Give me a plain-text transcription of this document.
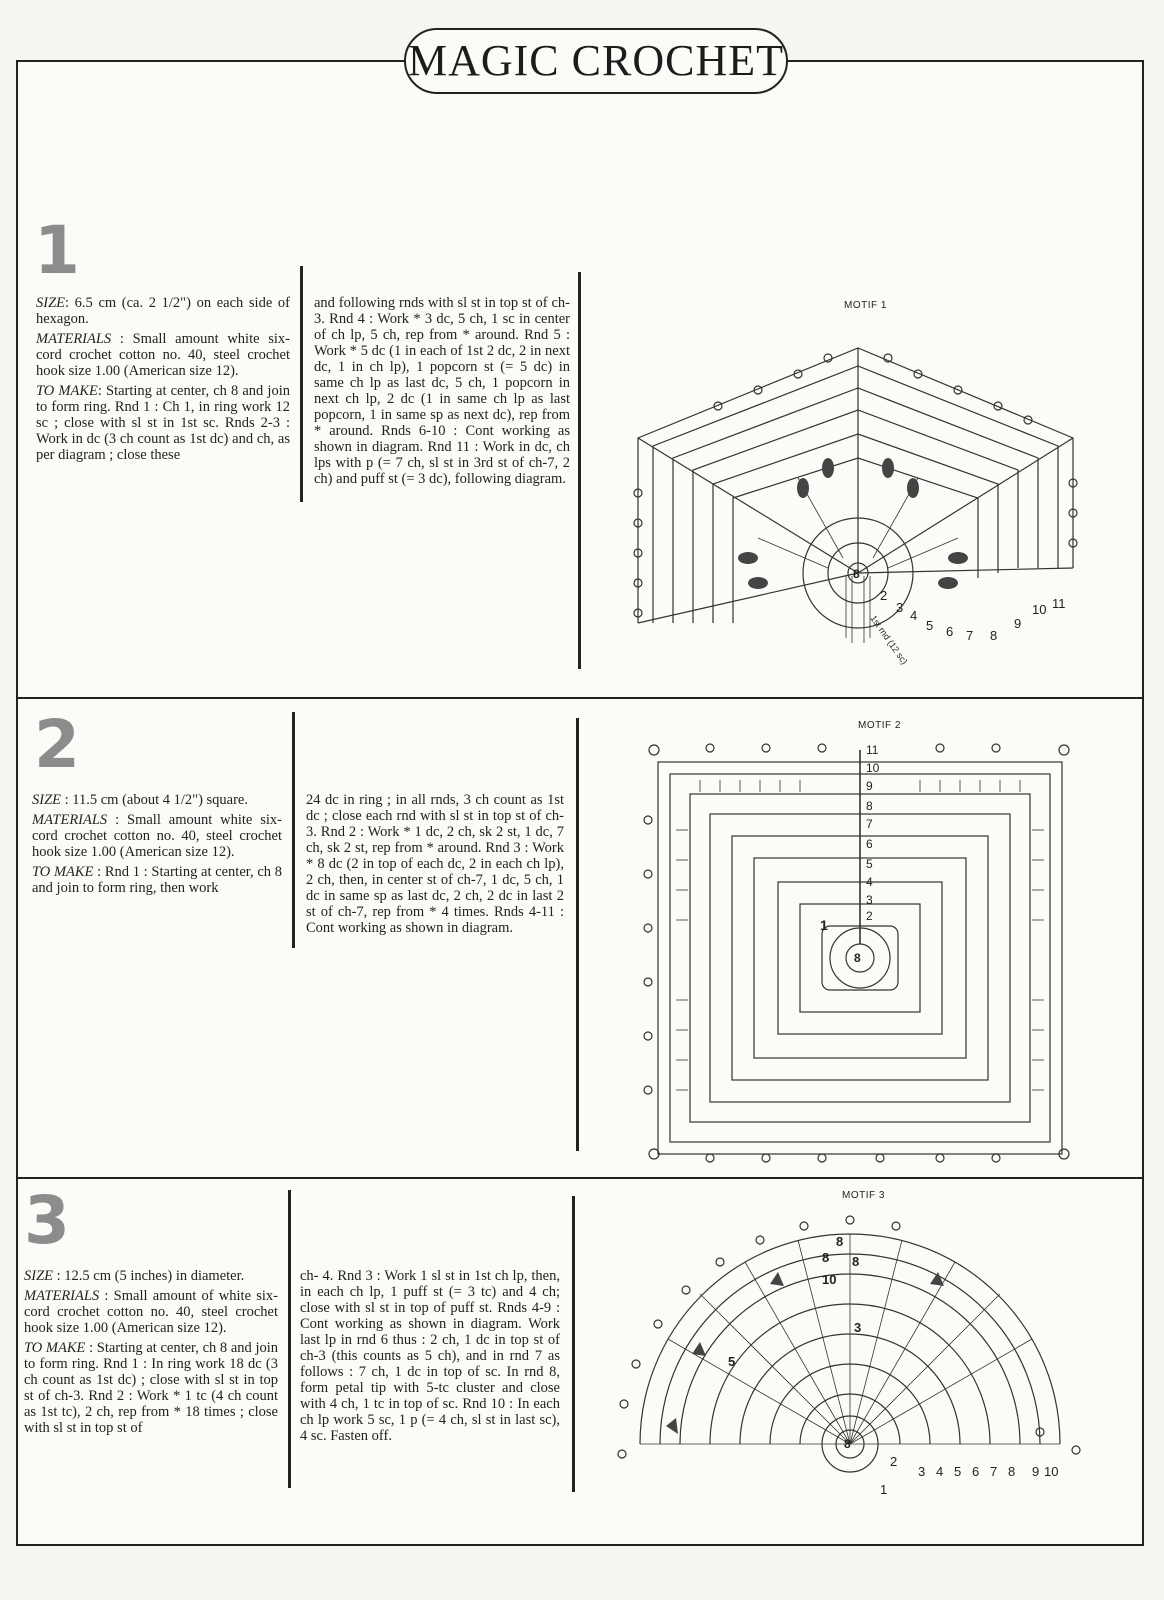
MAGIC CROCHET
1

SIZE: 6.5 cm (ca. 2 1/2") on each side of hexagon.

MATERIALS : Small amount white six-cord crochet cotton no. 40, steel crochet hook size 1.00 (American size 12).

TO MAKE: Starting at center, ch 8 and join to form ring. Rnd 1 : Ch 1, in ring work 12 sc ; close with sl st in 1st sc. Rnds 2-3 : Work in dc (3 ch count as 1st dc) and ch, as per diagram ; close these

and following rnds with sl st in top st of ch-3. Rnd 4 : Work * 3 dc, 5 ch, 1 sc in center of ch lp, 5 ch, rep from * around. Rnd 5 : Work * 5 dc (1 in each of 1st 2 dc, 2 in next dc, 1 in ch lp), 1 popcorn st (= 5 dc) in same ch lp as last dc, 5 ch, 1 popcorn in next ch lp, 2 dc (1 in same ch lp as last popcorn, 1 in same sp as next dc), rep from * around. Rnds 6-10 : Cont working as shown in diagram. Rnd 11 : Work in dc, ch lps with p (= 7 ch, sl st in 3rd st of ch-7, 2 ch) and puff st (= 3 dc), following diagram.

MOTIF 1
8
1st rnd (12 sc)
2
3
4
5 6 7 8
9
10 11
2

SIZE : 11.5 cm (about 4 1/2") square.

MATERIALS : Small amount white six-cord crochet cotton no. 40, steel crochet hook size 1.00 (American size 12).

TO MAKE : Rnd 1 : Starting at center, ch 8 and join to form ring, then work

24 dc in ring ; in all rnds, 3 ch count as 1st dc ; close each rnd with sl st in top st of ch-3. Rnd 2 : Work * 1 dc, 2 ch, sk 2 st, 1 dc, 7 ch, sk 2 st, rep from * around. Rnd 3 : Work * 8 dc (2 in top of each dc, 2 in each ch lp), 2 ch, then, in center st of ch-7, 1 dc, 5 ch, 1 dc in same sp as last dc, 2 ch, 2 dc in last 2 st of ch-7, rep from * 4 times. Rnds 4-11 : Cont working as shown in diagram.

MOTIF 2
8
1
2
3
4
5
6
7
8
9
10
11
3

SIZE : 12.5 cm (5 inches) in diameter.

MATERIALS : Small amount of white six-cord crochet cotton no. 40, steel crochet hook size 1.00 (American size 12).

TO MAKE : Starting at center, ch 8 and join to form ring. Rnd 1 : In ring work 18 dc (3 ch count as 1st dc) ; close with sl st in top st of ch-3. Rnd 2 : Work * 1 tc (4 ch count as 1st tc), 2 ch, rep from * 18 times ; close with sl st in top st of

ch- 4. Rnd 3 : Work 1 sl st in 1st ch lp, then, in each ch lp, 1 puff st (= 3 tc) and 4 ch; close with sl st in top of puff st. Rnds 4-9 : Cont working as shown in diagram. Work last lp in rnd 6 thus : 2 ch, 1 dc in top st of ch-3 (this counts as 5 ch), and in rnd 7 as follows : 7 ch, 1 dc in top of sc. In rnd 8, form petal tip with 5-tc cluster and close with 4 ch, 1 tc in top of sc. Rnd 10 : In each ch lp work 5 sc, 1 p (= 4 ch, sl st in last sc), 4 sc. Fasten off.

MOTIF 3
8
1
2
3 4 5 6 7 8 9 10
3
5
8
8
8
10
